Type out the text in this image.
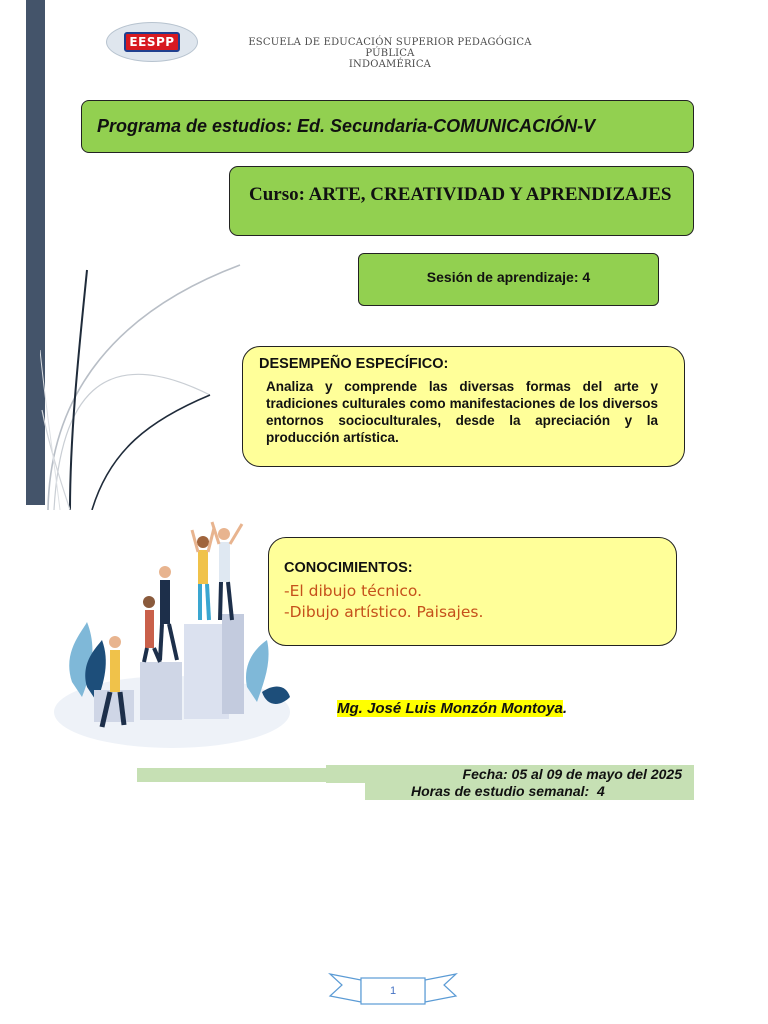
EESPP	ESCUELA DE EDUCACIÓN SUPERIOR PEDAGÓGICA PÚBLICA
INDOAMÉRICA
Programa de estudios: Ed. Secundaria-COMUNICACIÓN-V
Curso: ARTE, CREATIVIDAD Y APRENDIZAJES
Sesión de aprendizaje: 4
DESEMPEÑO ESPECÍFICO:
Analiza y comprende las diversas formas del arte y tradiciones culturales como manifestaciones de los diversos entornos socioculturales, desde la apreciación y la producción artística.
CONOCIMIENTOS:
-El dibujo técnico.
-Dibujo artístico. Paisajes.
Mg. José Luis Monzón Montoya.
Fecha: 05 al 09 de mayo del 2025
Horas de estudio semanal:  4
1
